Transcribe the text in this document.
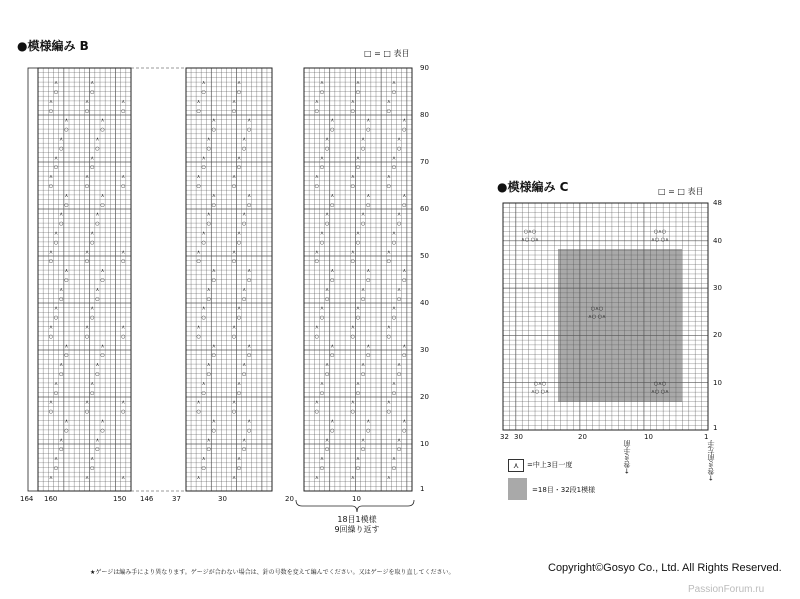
●模様編み B
□ = □ 表目
⋏	⋏	⋏
○	○
⋏	⋏
○	○
⋏	⋏
○	○
⋏	⋏
○	○	○
⋏	⋏	⋏
○	○
⋏	⋏
○	○
⋏	⋏
○	○
⋏	⋏
○	○	○
⋏	⋏	⋏
○	○
⋏	⋏
○	○
⋏	⋏
○	○
⋏	⋏
○	○	○
⋏	⋏	⋏
○	○
⋏	⋏
○	○
⋏	⋏
○	○
⋏	⋏
○	○	○
⋏	⋏	⋏
○	○
⋏	⋏
○	○
⋏	⋏
○	○
⋏	⋏
○	○	○
⋏	⋏	⋏
○	○
⋏	⋏
⋏	⋏
○	○
⋏	⋏
○	○
⋏	⋏
○	○
⋏	⋏
○	○
⋏	⋏
○	○
⋏	⋏
○	○
⋏	⋏
○	○
⋏	⋏
○	○
⋏	⋏
○	○
⋏	⋏
○	○
⋏	⋏
○	○
⋏	⋏
○	○
⋏	⋏
○	○
⋏	⋏
○	○
⋏	⋏
○	○
⋏	⋏
○	○
⋏	⋏
○	○
⋏	⋏
○	○
⋏	⋏
○	○
⋏	⋏
○	○
⋏	⋏
○	○
⋏	⋏
⋏	⋏	⋏
○	○	○
⋏	⋏	⋏
○	○	○
⋏	⋏	⋏
○	○	○
⋏	⋏	⋏
○	○	○
⋏	⋏	⋏
○	○	○
⋏	⋏	⋏
○	○	○
⋏	⋏	⋏
○	○	○
⋏	⋏	⋏
○	○	○
⋏	⋏	⋏
○	○	○
⋏	⋏	⋏
○	○	○
⋏	⋏	⋏
○	○	○
⋏	⋏	⋏
○	○	○
⋏	⋏	⋏
○	○	○
⋏	⋏	⋏
○	○	○
⋏	⋏	⋏
○	○	○
⋏	⋏	⋏
○	○	○
⋏	⋏	⋏
○	○	○
⋏	⋏	⋏
○	○	○
⋏	⋏	⋏
○	○	○
⋏	⋏	⋏
○	○	○
⋏	⋏	⋏
○	○	○
⋏	⋏	⋏
○⋏○
⋏○ ○⋏
○⋏○
⋏○ ○⋏
○⋏○
⋏○ ○⋏
○⋏○
⋏○ ○⋏
○⋏○
⋏○ ○⋏
90
80
70
60
50
40
30
20
10
1
164 160	150 146	37	30	20	10
18目1模様
9回繰り返す
●模様編み C	□ = □ 表目
48
40
30
20
10
1
32 30	20	10	1
←巻き手前	←巻き前左手
⋏	=中上3目一度
=18目・32段1模様
★ゲージは編み手により異なります。ゲージが合わない場合は、針の号数を変えて編んでください。又はゲージを取り直してください。	Copyright©Gosyo Co., Ltd. All Rights Reserved.
PassionForum.ru
